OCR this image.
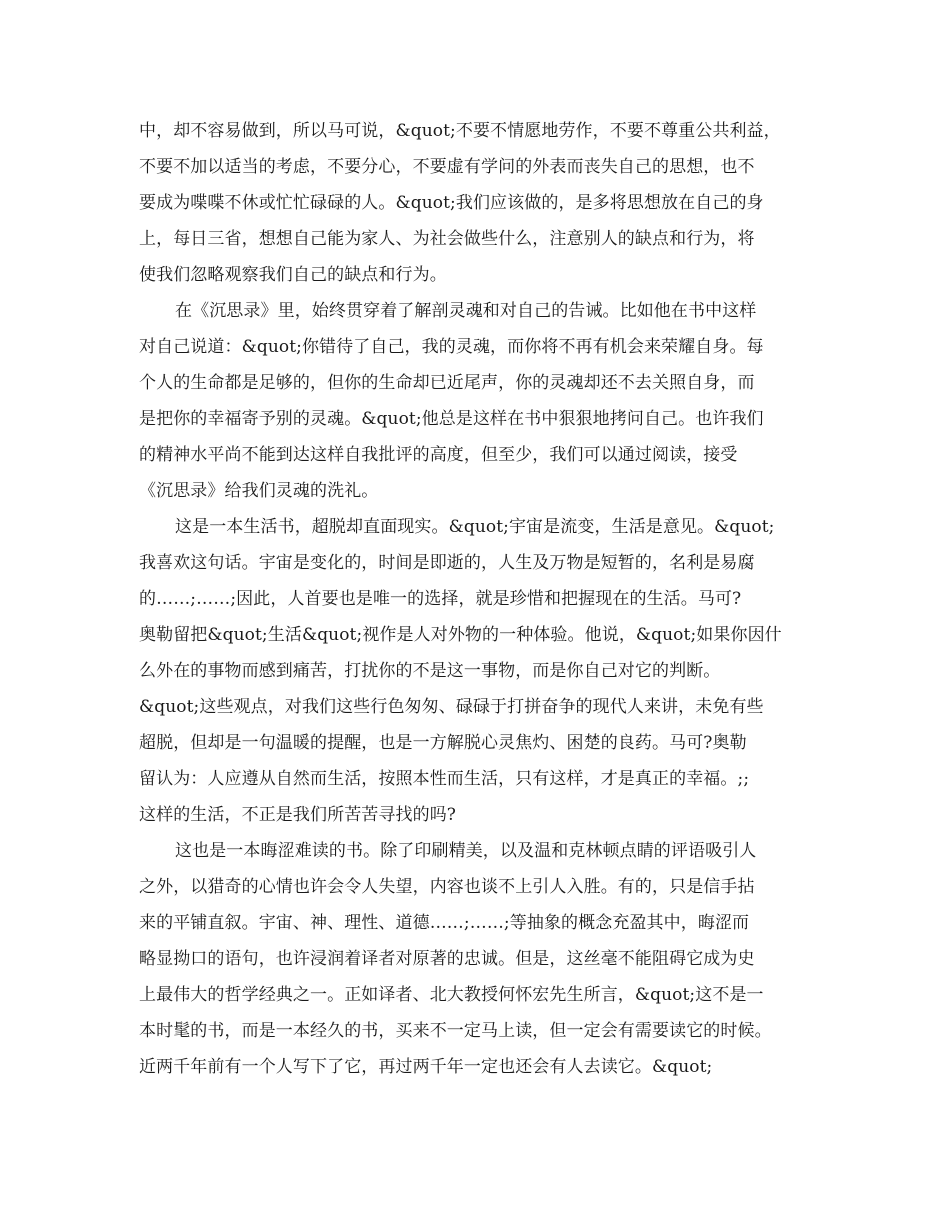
中，却不容易做到，所以马可说，&quot;不要不情愿地劳作，不要不尊重公共利益，
不要不加以适当的考虑，不要分心，不要虚有学问的外表而丧失自己的思想，也不
要成为喋喋不休或忙忙碌碌的人。&quot;我们应该做的，是多将思想放在自己的身
上，每日三省，想想自己能为家人、为社会做些什么，注意别人的缺点和行为，将
使我们忽略观察我们自己的缺点和行为。
在《沉思录》里，始终贯穿着了解剖灵魂和对自己的告诫。比如他在书中这样
对自己说道：&quot;你错待了自己，我的灵魂，而你将不再有机会来荣耀自身。每
个人的生命都是足够的，但你的生命却已近尾声，你的灵魂却还不去关照自身，而
是把你的幸福寄予别的灵魂。&quot;他总是这样在书中狠狠地拷问自己。也许我们
的精神水平尚不能到达这样自我批评的高度，但至少，我们可以通过阅读，接受
《沉思录》给我们灵魂的洗礼。
这是一本生活书，超脱却直面现实。&quot;宇宙是流变，生活是意见。&quot;
我喜欢这句话。宇宙是变化的，时间是即逝的，人生及万物是短暂的，名利是易腐
的……;……;因此，人首要也是唯一的选择，就是珍惜和把握现在的生活。马可?
奥勒留把&quot;生活&quot;视作是人对外物的一种体验。他说，&quot;如果你因什
么外在的事物而感到痛苦，打扰你的不是这一事物，而是你自己对它的判断。
&quot;这些观点，对我们这些行色匆匆、碌碌于打拼奋争的现代人来讲，未免有些
超脱，但却是一句温暖的提醒，也是一方解脱心灵焦灼、困楚的良药。马可?奥勒
留认为：人应遵从自然而生活，按照本性而生活，只有这样，才是真正的幸福。;;
这样的生活，不正是我们所苦苦寻找的吗?
这也是一本晦涩难读的书。除了印刷精美，以及温和克林顿点睛的评语吸引人
之外，以猎奇的心情也许会令人失望，内容也谈不上引人入胜。有的，只是信手拈
来的平铺直叙。宇宙、神、理性、道德……;……;等抽象的概念充盈其中，晦涩而
略显拗口的语句，也许浸润着译者对原著的忠诚。但是，这丝毫不能阻碍它成为史
上最伟大的哲学经典之一。正如译者、北大教授何怀宏先生所言，&quot;这不是一
本时髦的书，而是一本经久的书，买来不一定马上读，但一定会有需要读它的时候。
近两千年前有一个人写下了它，再过两千年一定也还会有人去读它。&quot;
